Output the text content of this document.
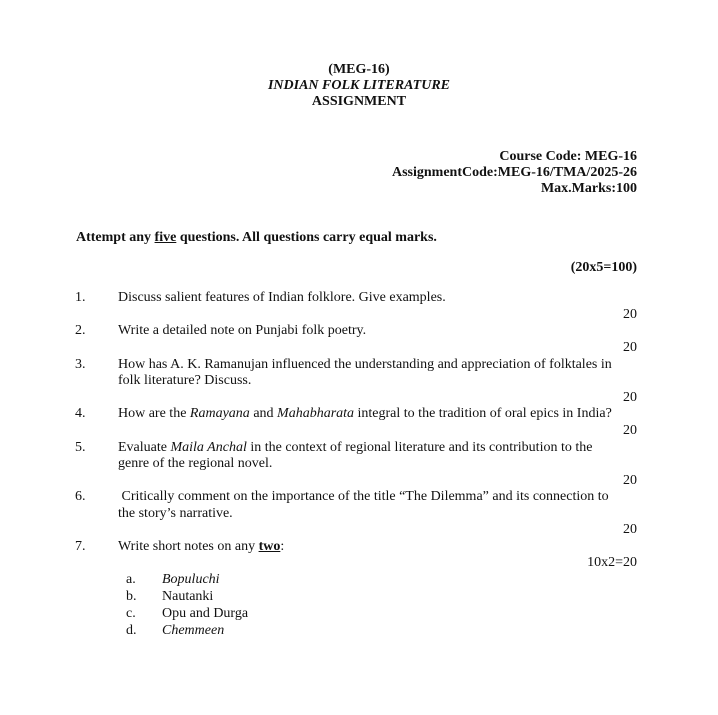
(MEG-16)
INDIAN FOLK LITERATURE
ASSIGNMENT
Course Code: MEG-16
AssignmentCode:MEG-16/TMA/2025-26
Max.Marks:100
Attempt any five questions. All questions carry equal marks.
(20x5=100)
1. Discuss salient features of Indian folklore. Give examples.
20
2. Write a detailed note on Punjabi folk poetry.
20
3. How has A. K. Ramanujan influenced the understanding and appreciation of folktales in
folk literature? Discuss.
20
4. How are the Ramayana and Mahabharata integral to the tradition of oral epics in India?
20
5. Evaluate Maila Anchal in the context of regional literature and its contribution to the
genre of the regional novel.
20
6. Critically comment on the importance of the title “The Dilemma” and its connection to
the story’s narrative.
20
7. Write short notes on any two:
10x2=20
a. Bopuluchi
b. Nautanki
c. Opu and Durga
d. Chemmeen
